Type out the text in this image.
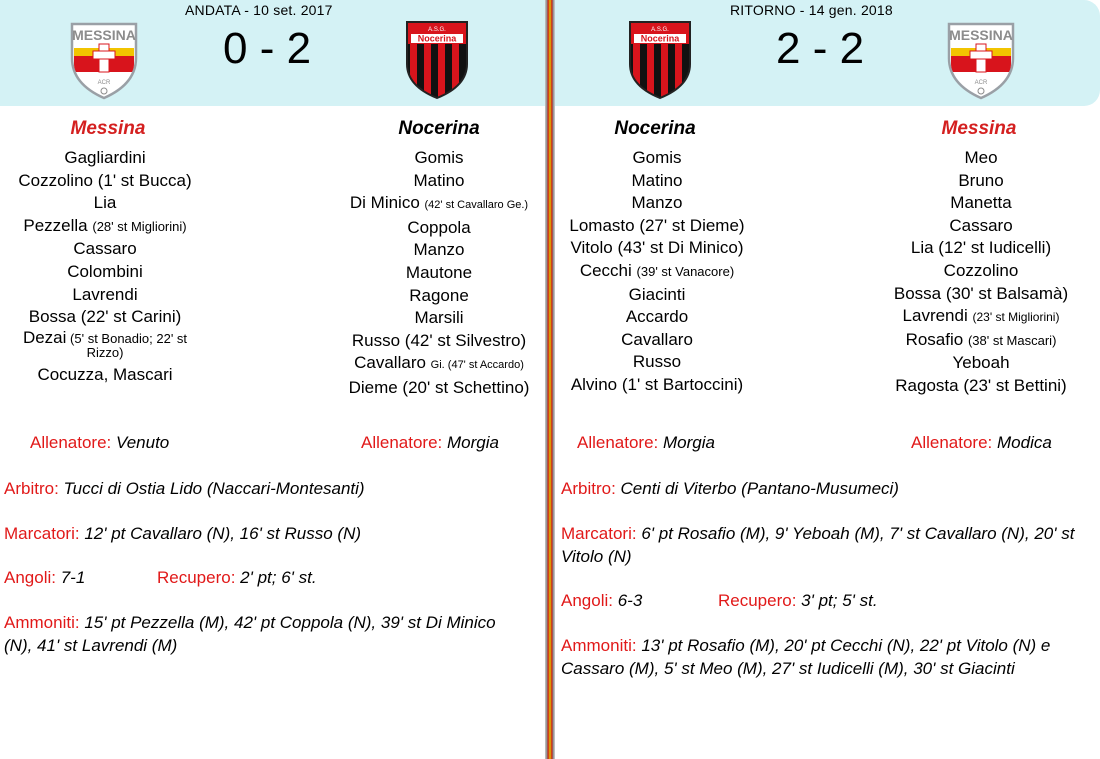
ANDATA - 10 set. 2017
0 - 2
MESSINA
ACR
A.S.G.
Nocerina
Messina	Nocerina
Gagliardini
Cozzolino (1' st Bucca)
Lia
Pezzella (28' st Migliorini)
Cassaro
Colombini
Lavrendi
Bossa (22' st Carini)
Dezai (5' st Bonadio; 22' st Rizzo)
Cocuzza, Mascari
Gomis
Matino
Di Minico (42' st Cavallaro Ge.)
Coppola
Manzo
Mautone
Ragone
Marsili
Russo (42' st Silvestro)
Cavallaro Gi. (47' st Accardo)
Dieme (20' st Schettino)
Allenatore: Venuto	Allenatore: Morgia
Arbitro: Tucci di Ostia Lido (Naccari-Montesanti)
Marcatori: 12' pt Cavallaro (N), 16' st Russo (N)
Angoli: 7-1	Recupero: 2' pt; 6' st.
Ammoniti: 15' pt Pezzella (M), 42' pt Coppola (N), 39' st Di Minico (N), 41' st Lavrendi (M)
RITORNO - 14 gen. 2018
2 - 2
A.S.G.
Nocerina	MESSINA
ACR
Nocerina	Messina
Gomis
Matino
Manzo
Lomasto (27' st Dieme)
Vitolo (43' st Di Minico)
Cecchi (39' st Vanacore)
Giacinti
Accardo
Cavallaro
Russo
Alvino (1' st Bartoccini)
Meo
Bruno
Manetta
Cassaro
Lia (12' st Iudicelli)
Cozzolino
Bossa (30' st Balsamà)
Lavrendi (23' st Migliorini)
Rosafio (38' st Mascari)
Yeboah
Ragosta (23' st Bettini)
Allenatore: Morgia	Allenatore: Modica
Arbitro: Centi di Viterbo (Pantano-Musumeci)
Marcatori: 6' pt Rosafio (M), 9' Yeboah (M), 7' st Cavallaro (N), 20' st Vitolo (N)
Angoli: 6-3	Recupero: 3' pt; 5' st.
Ammoniti: 13' pt Rosafio (M), 20' pt Cecchi (N), 22' pt Vitolo (N) e Cassaro (M), 5' st Meo (M), 27' st Iudicelli (M), 30' st Giacinti
